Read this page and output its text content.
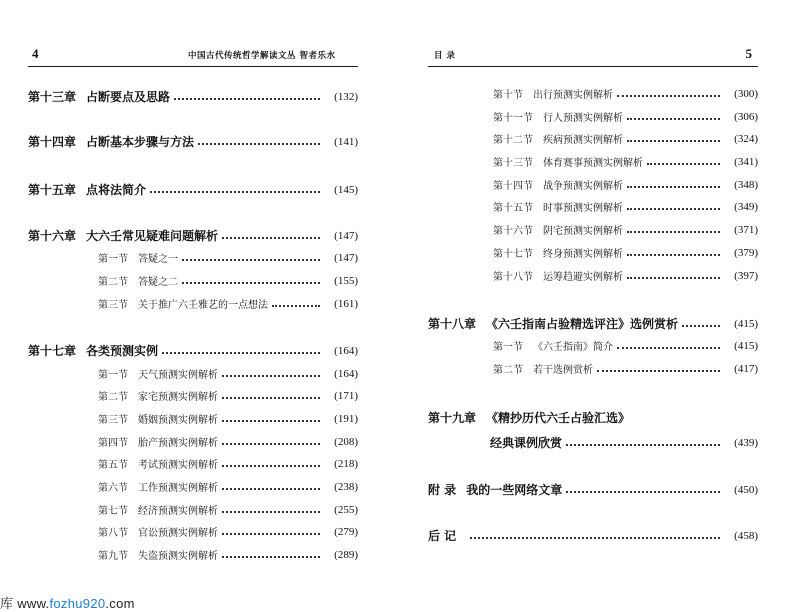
4	中国古代传统哲学解读文丛 智者乐水
第十三章 占断要点及思路	(132)
第十四章 占断基本步骤与方法	(141)
第十五章 点将法简介	(145)
第十六章 大六壬常见疑难问题解析	(147)
第一节 答疑之一	(147)
第二节 答疑之二	(155)
第三节 关于推广六壬雅艺的一点想法	(161)
第十七章 各类预测实例	(164)
第一节 天气预测实例解析	(164)
第二节 家宅预测实例解析	(171)
第三节 婚姻预测实例解析	(191)
第四节 胎产预测实例解析	(208)
第五节 考试预测实例解析	(218)
第六节 工作预测实例解析	(238)
第七节 经济预测实例解析	(255)
第八节 官讼预测实例解析	(279)
第九节 失盗预测实例解析	(289)
目 录	5
第十节 出行预测实例解析	(300)
第十一节 行人预测实例解析	(306)
第十二节 疾病预测实例解析	(324)
第十三节 体育赛事预测实例解析	(341)
第十四节 战争预测实例解析	(348)
第十五节 时事预测实例解析	(349)
第十六节 阴宅预测实例解析	(371)
第十七节 终身预测实例解析	(379)
第十八节 运筹趋避实例解析	(397)
第十八章 《六壬指南占验精选评注》选例赏析	(415)
第一节 《六壬指南》简介	(415)
第二节 若干选例赏析	(417)
第十九章 《精抄历代六壬占验汇选》
经典课例欣赏	(439)
附 录 我的一些网络文章	(450)
后 记	(458)
库 www.fozhu920.com
